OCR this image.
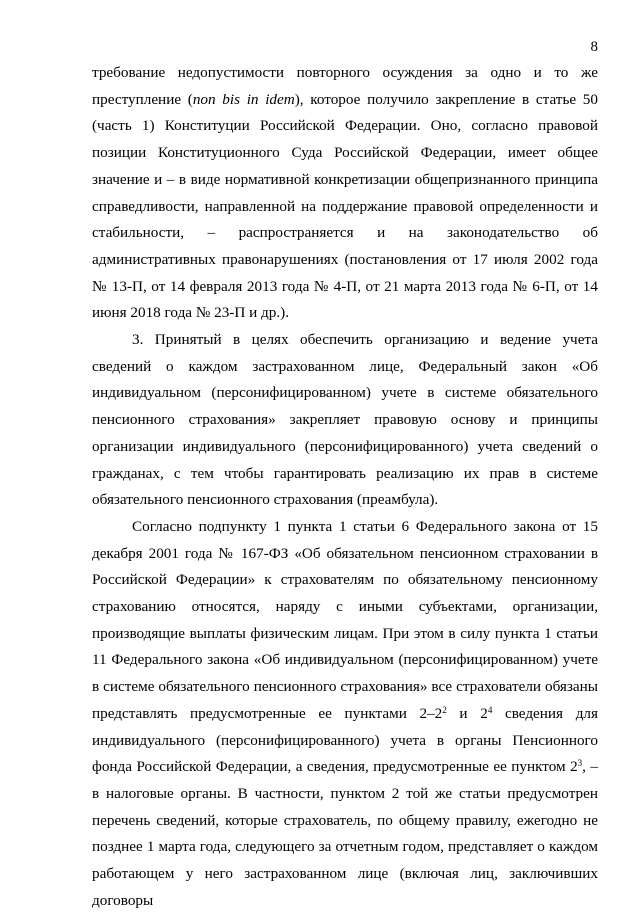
8

требование недопустимости повторного осуждения за одно и то же преступление (non bis in idem), которое получило закрепление в статье 50 (часть 1) Конституции Российской Федерации. Оно, согласно правовой позиции Конституционного Суда Российской Федерации, имеет общее значение и – в виде нормативной конкретизации общепризнанного принципа справедливости, направленной на поддержание правовой определенности и стабильности, – распространяется и на законодательство об административных правонарушениях (постановления от 17 июля 2002 года № 13-П, от 14 февраля 2013 года № 4-П, от 21 марта 2013 года № 6-П, от 14 июня 2018 года № 23-П и др.).

3. Принятый в целях обеспечить организацию и ведение учета сведений о каждом застрахованном лице, Федеральный закон «Об индивидуальном (персонифицированном) учете в системе обязательного пенсионного страхования» закрепляет правовую основу и принципы организации индивидуального (персонифицированного) учета сведений о гражданах, с тем чтобы гарантировать реализацию их прав в системе обязательного пенсионного страхования (преамбула).

Согласно подпункту 1 пункта 1 статьи 6 Федерального закона от 15 декабря 2001 года № 167-ФЗ «Об обязательном пенсионном страховании в Российской Федерации» к страхователям по обязательному пенсионному страхованию относятся, наряду с иными субъектами, организации, производящие выплаты физическим лицам. При этом в силу пункта 1 статьи 11 Федерального закона «Об индивидуальном (персонифицированном) учете в системе обязательного пенсионного страхования» все страхователи обязаны представлять предусмотренные ее пунктами $2-2^2$ и $2^4$ сведения для индивидуального (персонифицированного) учета в органы Пенсионного фонда Российской Федерации, а сведения, предусмотренные ее пунктом $2^3$, – в налоговые органы. В частности, пунктом 2 той же статьи предусмотрен перечень сведений, которые страхователь, по общему правилу, ежегодно не позднее 1 марта года, следующего за отчетным годом, представляет о каждом работающем у него застрахованном лице (включая лиц, заключивших договоры
